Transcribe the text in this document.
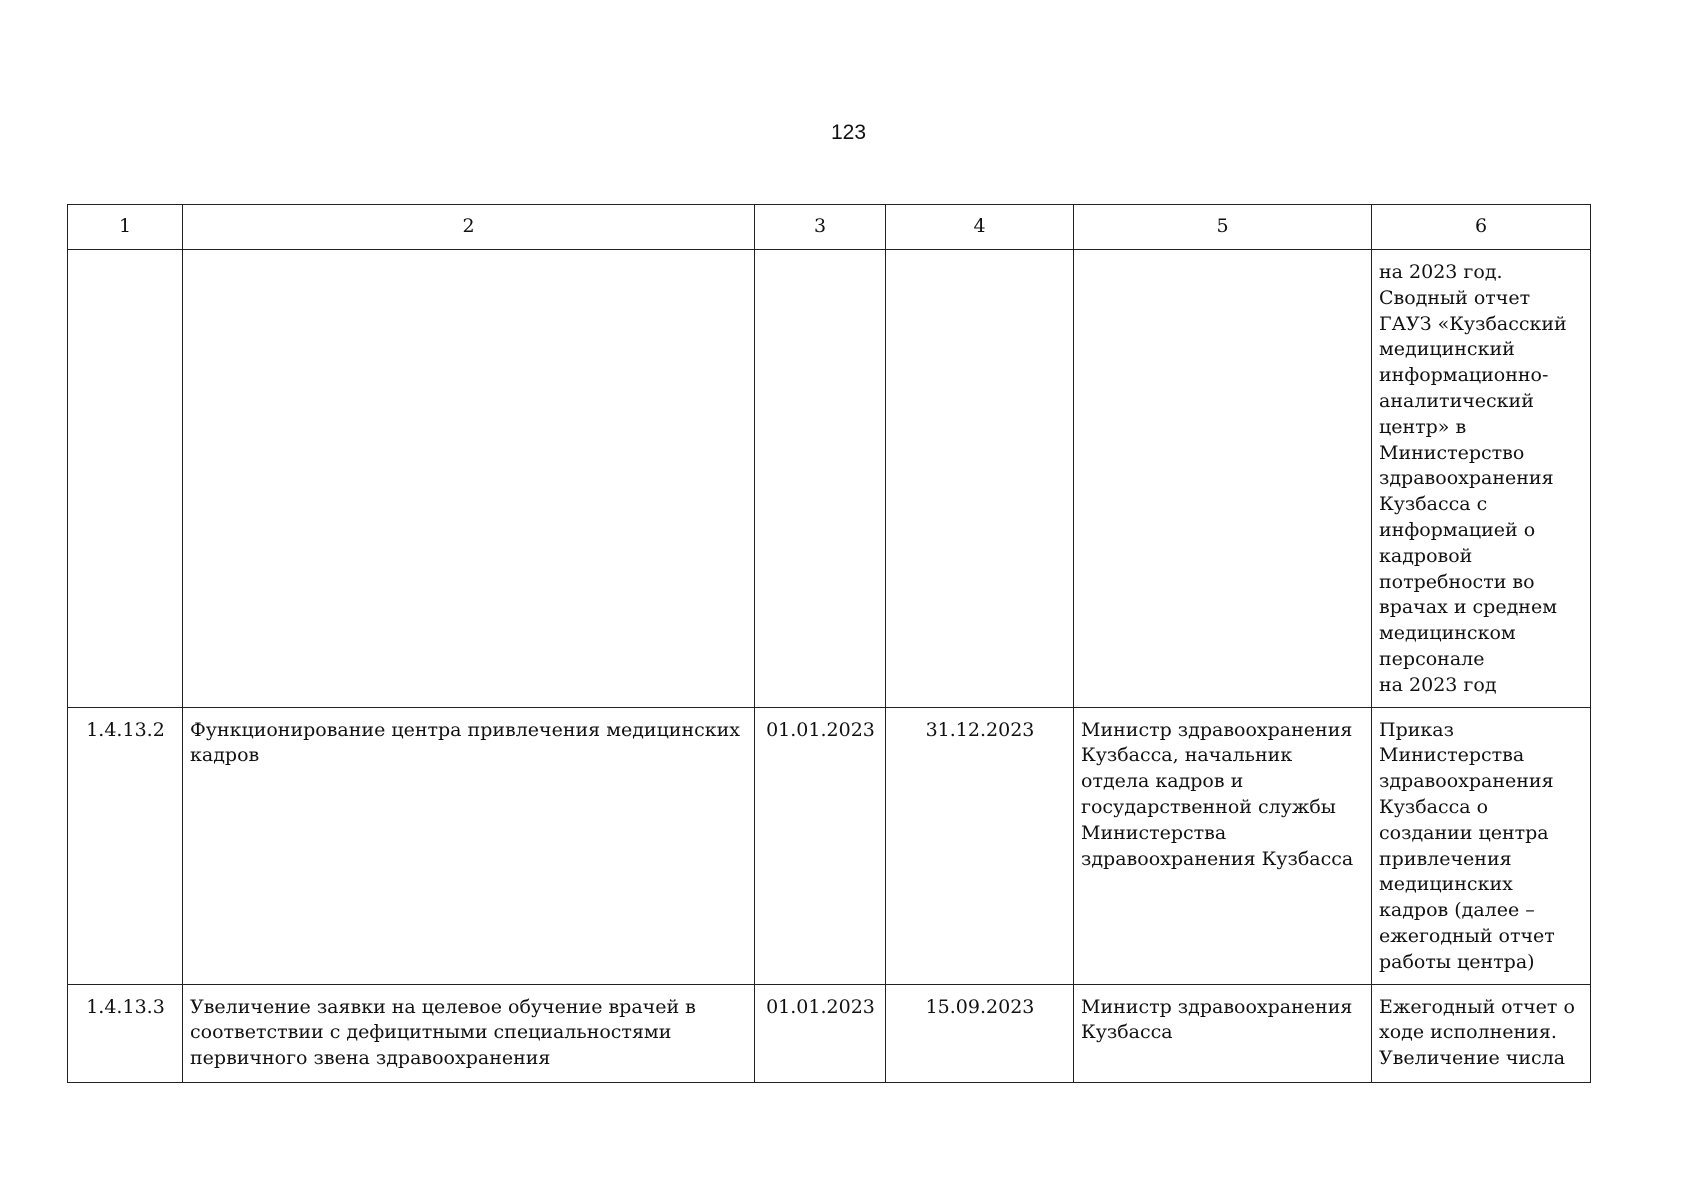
123
1	2	3	4	5	6
					на 2023 год.
Сводный отчет ГАУЗ «Кузбасский медицинский информационно-аналитический центр» в Министерство здравоохранения Кузбасса с информацией о кадровой потребности во врачах и среднем медицинском персонале
на 2023 год
1.4.13.2	Функционирование центра привлечения медицинских кадров	01.01.2023	31.12.2023	Министр здравоохранения Кузбасса, начальник отдела кадров и государственной службы Министерства здравоохранения Кузбасса	Приказ Министерства здравоохранения Кузбасса о создании центра привлечения медицинских кадров (далее – ежегодный отчет работы центра)
1.4.13.3	Увеличение заявки на целевое обучение врачей в соответствии с дефицитными специальностями первичного звена здравоохранения	01.01.2023	15.09.2023	Министр здравоохранения Кузбасса	Ежегодный отчет о ходе исполнения. Увеличение числа
